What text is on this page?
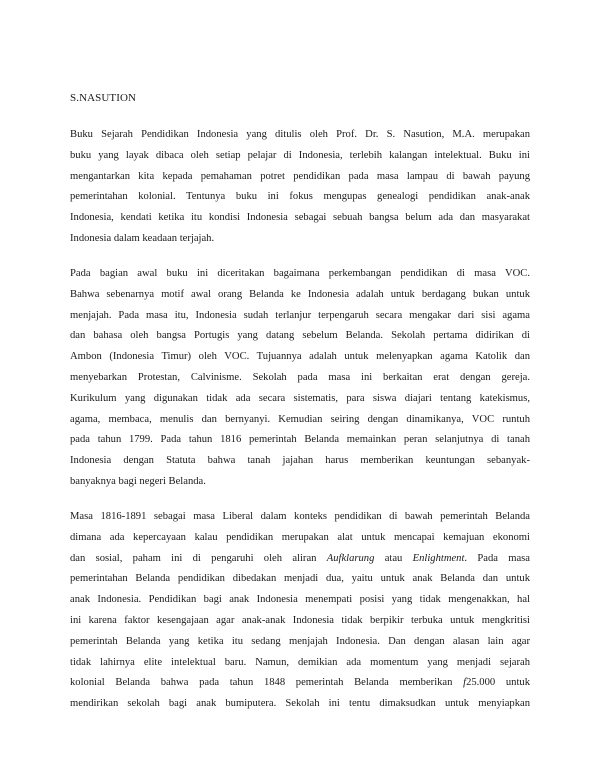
S.NASUTION
Buku Sejarah Pendidikan Indonesia yang ditulis oleh Prof. Dr. S. Nasution, M.A. merupakan
buku yang layak dibaca oleh setiap pelajar di Indonesia, terlebih kalangan intelektual. Buku ini
mengantarkan kita kepada pemahaman potret pendidikan pada masa lampau di bawah payung
pemerintahan kolonial. Tentunya buku ini fokus mengupas genealogi pendidikan anak-anak
Indonesia, kendati ketika itu kondisi Indonesia sebagai sebuah bangsa belum ada dan masyarakat
Indonesia dalam keadaan terjajah.
Pada bagian awal buku ini diceritakan bagaimana perkembangan pendidikan di masa VOC.
Bahwa sebenarnya motif awal orang Belanda ke Indonesia adalah untuk berdagang bukan untuk
menjajah. Pada masa itu, Indonesia sudah terlanjur terpengaruh secara mengakar dari sisi agama
dan bahasa oleh bangsa Portugis yang datang sebelum Belanda. Sekolah pertama didirikan di
Ambon (Indonesia Timur) oleh VOC. Tujuannya adalah untuk melenyapkan agama Katolik dan
menyebarkan Protestan, Calvinisme. Sekolah pada masa ini berkaitan erat dengan gereja.
Kurikulum yang digunakan tidak ada secara sistematis, para siswa diajari tentang katekismus,
agama, membaca, menulis dan bernyanyi. Kemudian seiring dengan dinamikanya, VOC runtuh
pada tahun 1799. Pada tahun 1816 pemerintah Belanda memainkan peran selanjutnya di tanah
Indonesia dengan Statuta bahwa tanah jajahan harus memberikan keuntungan sebanyak-
banyaknya bagi negeri Belanda.
Masa 1816-1891 sebagai masa Liberal dalam konteks pendidikan di bawah pemerintah Belanda
dimana ada kepercayaan kalau pendidikan merupakan alat untuk mencapai kemajuan ekonomi
dan sosial, paham ini di pengaruhi oleh aliran Aufklarung atau Enlightment. Pada masa
pemerintahan Belanda pendidikan dibedakan menjadi dua, yaitu untuk anak Belanda dan untuk
anak Indonesia. Pendidikan bagi anak Indonesia menempati posisi yang tidak mengenakkan, hal
ini karena faktor kesengajaan agar anak-anak Indonesia tidak berpikir terbuka untuk mengkritisi
pemerintah Belanda yang ketika itu sedang menjajah Indonesia. Dan dengan alasan lain agar
tidak lahirnya elite intelektual baru. Namun, demikian ada momentum yang menjadi sejarah
kolonial Belanda bahwa pada tahun 1848 pemerintah Belanda memberikan f25.000 untuk
mendirikan sekolah bagi anak bumiputera. Sekolah ini tentu dimaksudkan untuk menyiapkan
